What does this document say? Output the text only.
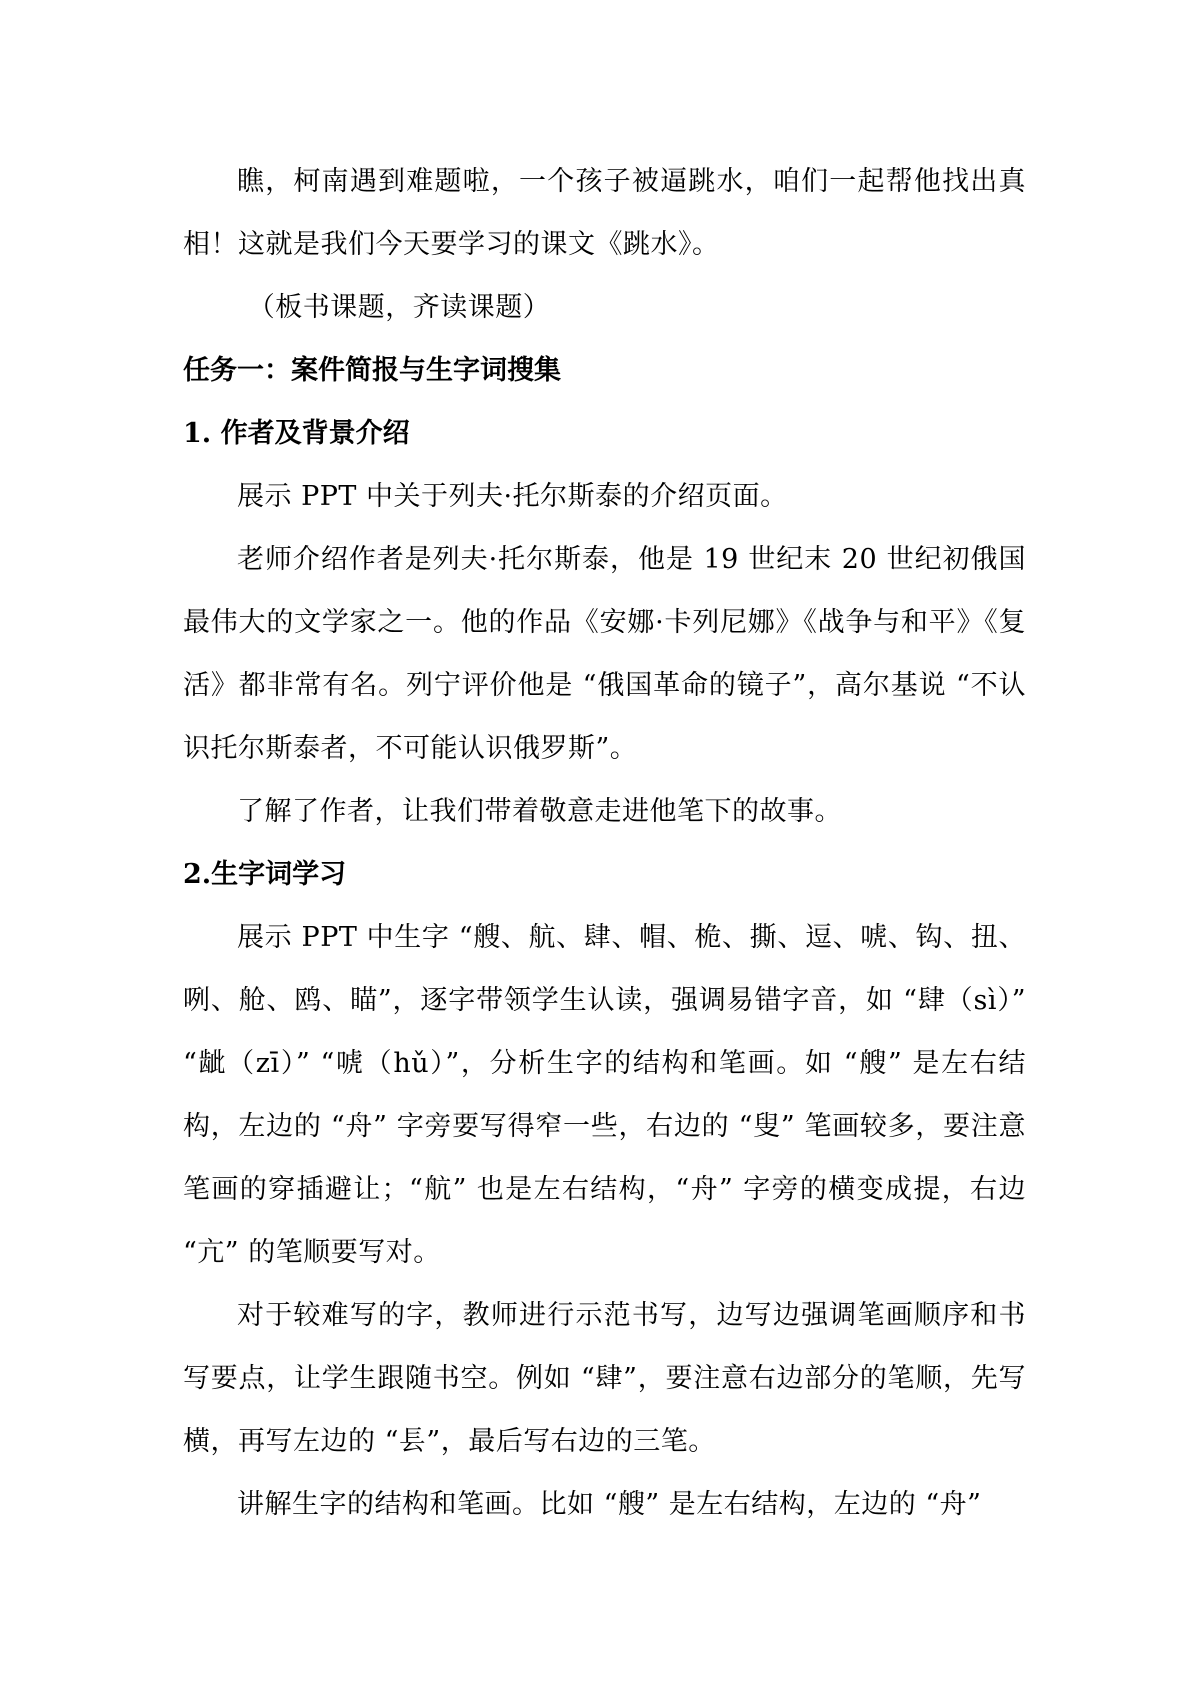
瞧，柯南遇到难题啦，一个孩子被逼跳水，咱们一起帮他找出真相！这就是我们今天要学习的课文《跳水》。

（板书课题，齐读课题）

任务一：案件简报与生字词搜集

1. 作者及背景介绍

展示 PPT 中关于列夫·托尔斯泰的介绍页面。

老师介绍作者是列夫·托尔斯泰，他是 19 世纪末 20 世纪初俄国最伟大的文学家之一。他的作品《安娜·卡列尼娜》《战争与和平》《复活》都非常有名。列宁评价他是 “俄国革命的镜子”，高尔基说 “不认识托尔斯泰者，不可能认识俄罗斯”。

了解了作者，让我们带着敬意走进他笔下的故事。

2.生字词学习

展示 PPT 中生字 “艘、航、肆、帽、桅、撕、逗、唬、钩、扭、咧、舱、鸥、瞄”，逐字带领学生认读，强调易错字音，如 “肆（sì）” “龇（zī）” “唬（hǔ）”，分析生字的结构和笔画。如 “艘” 是左右结构，左边的 “舟” 字旁要写得窄一些，右边的 “叟” 笔画较多，要注意笔画的穿插避让；“航” 也是左右结构，“舟” 字旁的横变成提，右边 “亢” 的笔顺要写对。

对于较难写的字，教师进行示范书写，边写边强调笔画顺序和书写要点，让学生跟随书空。例如 “肆”，要注意右边部分的笔顺，先写横，再写左边的 “镸”，最后写右边的三笔。

讲解生字的结构和笔画。比如 “艘” 是左右结构，左边的 “舟”
